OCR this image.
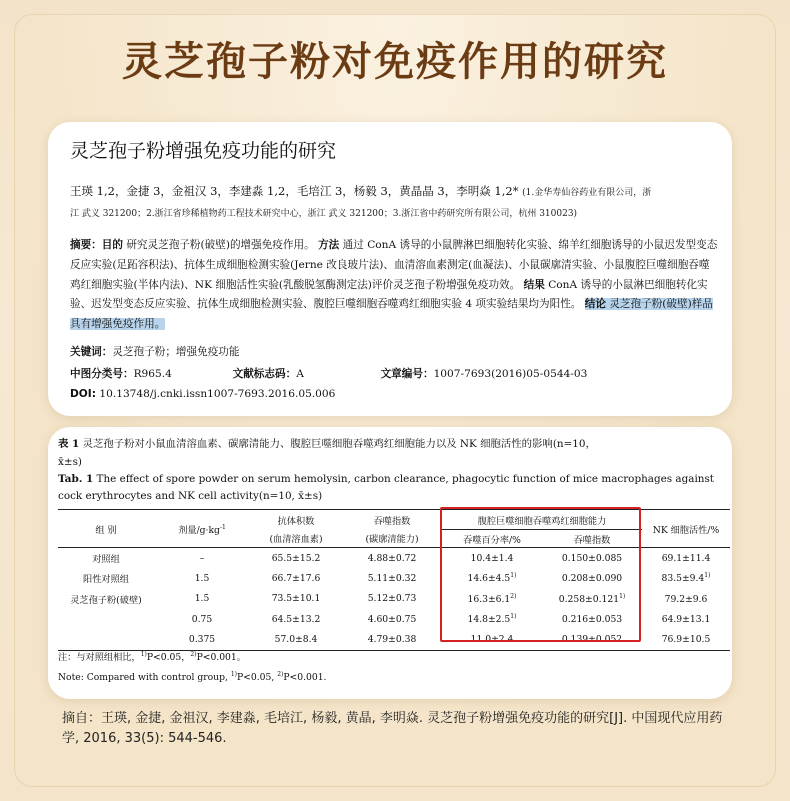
灵芝孢子粉对免疫作用的研究
灵芝孢子粉增强免疫功能的研究
王瑛 1,2，金捷 3，金祖汉 3，李建淼 1,2，毛培江 3，杨毅 3，黄晶晶 3，李明焱 1,2* (1.金华寿仙谷药业有限公司，浙
江 武义 321200；2.浙江省珍稀植物药工程技术研究中心，浙江 武义 321200；3.浙江省中药研究所有限公司，杭州 310023)
摘要：目的 研究灵芝孢子粉(破壁)的增强免疫作用。 方法 通过 ConA 诱导的小鼠脾淋巴细胞转化实验、绵羊红细胞诱导的小鼠迟发型变态反应实验(足跖容积法)、抗体生成细胞检测实验(Jerne 改良玻片法)、血清溶血素测定(血凝法)、小鼠碳廓清实验、小鼠腹腔巨噬细胞吞噬鸡红细胞实验(半体内法)、NK 细胞活性实验(乳酸脱氢酶测定法)评价灵芝孢子粉增强免疫功效。 结果 ConA 诱导的小鼠淋巴细胞转化实验、迟发型变态反应实验、抗体生成细胞检测实验、腹腔巨噬细胞吞噬鸡红细胞实验 4 项实验结果均为阳性。 结论 灵芝孢子粉(破壁)样品具有增强免疫作用。
关键词：灵芝孢子粉；增强免疫功能
中图分类号：R965.4	文献标志码：A	文章编号：1007-7693(2016)05-0544-03
DOI: 10.13748/j.cnki.issn1007-7693.2016.05.006
表 1 灵芝孢子粉对小鼠血清溶血素、碳廓清能力、腹腔巨噬细胞吞噬鸡红细胞能力以及 NK 细胞活性的影响(n=10，
x̄±s)
Tab. 1 The effect of spore powder on serum hemolysin, carbon clearance, phagocytic function of mice macrophages against cock erythrocytes and NK cell activity(n=10, x̄±s)
组 别	剂量$/g\cdot kg^{-1}$	抗体积数	吞噬指数	腹腔巨噬细胞吞噬鸡红细胞能力		NK 细胞活性/%
		(血清溶血素)	(碳廓清能力)	吞噬百分率/%	吞噬指数	
对照组	–	65.5±15.2	4.88±0.72	10.4±1.4	0.150±0.085	69.1±11.4
阳性对照组	1.5	66.7±17.6	5.11±0.32	$14.6\pm 4.5^{1)}$	0.208±0.090	$83.5\pm 9.4^{1)}$
灵芝孢子粉(破壁)	1.5	73.5±10.1	5.12±0.73	$16.3\pm 6.1^{2)}$	$0.258\pm 0.121^{1)}$	79.2±9.6
	0.75	64.5±13.2	4.60±0.75	$14.8\pm 2.5^{1)}$	0.216±0.053	64.9±13.1
	0.375	57.0±8.4	4.79±0.38	11.0±2.4	0.139±0.052	76.9±10.5
注：与对照组相比，$^{1)}$P<0.05，$^{2)}$P<0.001。
Note: Compared with control group, $^{1)}$P<0.05, $^{2)}$P<0.001.
摘自：王瑛, 金捷, 金祖汉, 李建淼, 毛培江, 杨毅, 黄晶, 李明焱. 灵芝孢子粉增强免疫功能的研究[J]. 中国现代应用药学, 2016, 33(5): 544-546.
